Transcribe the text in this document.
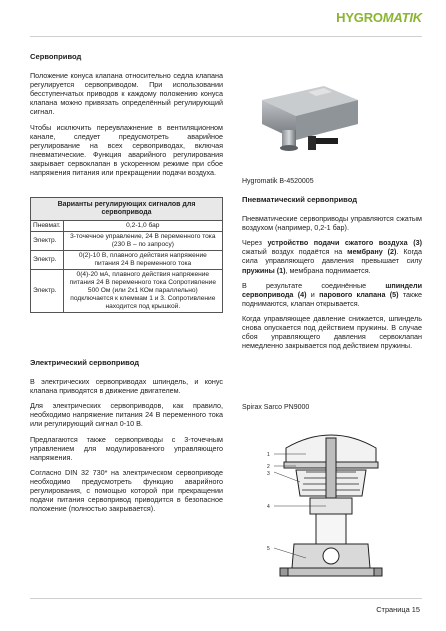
HYGROMATIK
Сервопривод

Положение конуса клапана относительно седла клапана регулируется сервоприводом. При использовании бесступенчатых приводов к каждому положению конуса клапана можно привязать определённый регулирующий сигнал.

Чтобы исключить переувлажнение в вентиляционном канале, следует предусмотреть аварийное регулирование на всех сервоприводах, включая пневматические. Функция аварийного регулирования закрывает сервоклапан в ускоренном режиме при сбое напряжения питания или прекращении подачи воздуха.

Варианты регулирующих сигналов для сервопривода	
Пневмат.	0,2-1,0 бар
Электр.	3-точечное управление, 24 В переменного тока (230 В – по запросу)
Электр.	0(2)-10 В, плавного действия напряжение питания 24 В переменного тока
Электр.	0(4)-20 мА, плавного действия напряжение питания 24 В переменного тока Сопротивление 500 Ом (или 2x1 КОм параллельно) подключается к клеммам 1 и 3. Сопротивление находится под крышкой.
Электрический сервопривод

В электрических сервоприводах шпиндель, и конус клапана приводятся в движение двигателем.

Для электрических сервоприводов, как правило, необходимо напряжение питания 24 В переменного тока или регулирующий сигнал 0-10 В.

Предлагаются также сервоприводы с 3-точечным управлением для модулированного управляющего напряжения.

Согласно DIN 32 730* на электрическом сервоприводе необходимо предусмотреть функцию аварийного регулирования, с помощью которой при прекращении подачи питания сервопривод приводится в безопасное положение (полностью закрывается).

Hygromatik B-4520005
Пневматический сервопривод

Пневматические сервоприводы управляются сжатым воздухом (например, 0,2-1 бар).

Через устройство подачи сжатого воздуха (3) сжатый воздух подаётся на мембрану (2). Когда сила управляющего давления превышает силу пружины (1), мембрана поднимается.

В результате соединённые шпиндели сервопривода (4) и парового клапана (5) также поднимаются, клапан открывается.

Когда управляющее давление снижается, шпиндель снова опускается под действием пружины. В случае сбоя управляющего давления сервоклапан немедленно закрывается под действием пружины.

Spirax Sarco PN9000
1
2
3
4
5
Страница 15
